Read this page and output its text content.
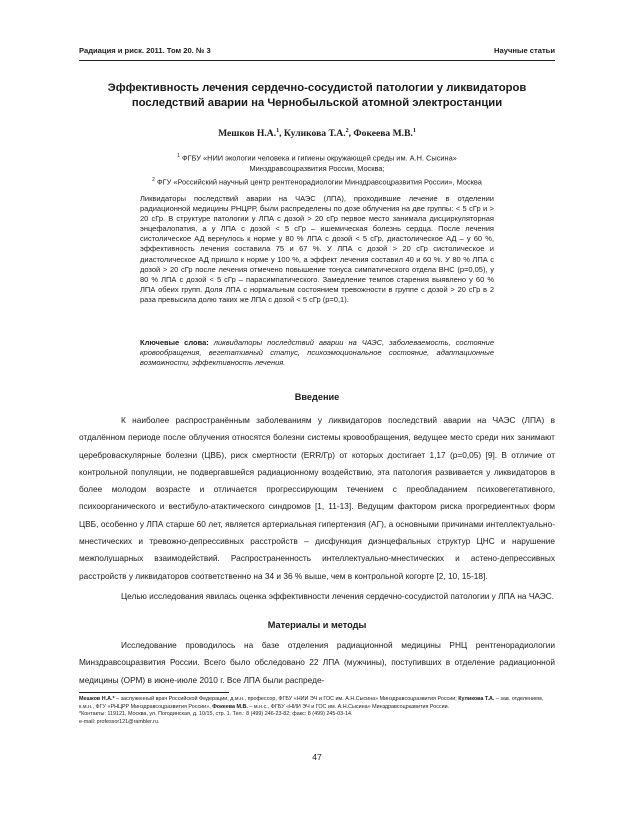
Радиация и риск. 2011. Том 20. № 3	Научные статьи
Эффективность лечения сердечно-сосудистой патологии у ликвидаторов последствий аварии на Чернобыльской атомной электростанции
Мешков Н.А.$^1$, Куликова Т.А.$^2$, Фокеева М.В.$^1$
$^1$ ФГБУ «НИИ экологии человека и гигиены окружающей среды им. А.Н. Сысина»
Минздравсоцразвития России, Москва;
$^2$ ФГУ «Российский научный центр рентгенорадиологии Минздравсоцразвития России», Москва
Ликвидаторы последствий аварии на ЧАЭС (ЛПА), проходившие лечение в отделении радиационной медицины РНЦРР, были распределены по дозе облучения на две группы: < 5 сГр и > 20 сГр. В структуре патологии у ЛПА с дозой > 20 сГр первое место занимала дисциркуляторная энцефалопатия, а у ЛПА с дозой < 5 сГр – ишемическая болезнь сердца. После лечения систолическое АД вернулось к норме у 80 % ЛПА с дозой < 5 сГр, диастолическое АД – у 60 %, эффективность лечения составила 75 и 67 %. У ЛПА с дозой > 20 сГр систолическое и диастолическое АД пришло к норме у 100 %, а эффект лечения составил 40 и 60 %. У 80 % ЛПА с дозой > 20 сГр после лечения отмечено повышение тонуса симпатического отдела ВНС (р=0,05), у 80 % ЛПА с дозой < 5 сГр – парасимпатического. Замедление темпов старения выявлено у 60 % ЛПА обеих групп. Доля ЛПА с нормальным состоянием тревожности в группе с дозой > 20 сГр в 2 раза превысила долю таких же ЛПА с дозой < 5 сГр (р=0,1).
Ключевые слова: ликвидаторы последствий аварии на ЧАЭС, заболеваемость, состояние кровообращения, вегетативный статус, психоэмоциональное состояние, адаптационные возможности, эффективность лечения.
Введение
К наиболее распространённым заболеваниям у ликвидаторов последствий аварии на ЧАЭС (ЛПА) в отдалённом периоде после облучения относятся болезни системы кровообращения, ведущее место среди них занимают цереброваскулярные болезни (ЦВБ), риск смертности (ERR/Гр) от которых достигает 1,17 (р=0,05) [9]. В отличие от контрольной популяции, не подвергавшейся радиационному воздействию, эта патология развивается у ликвидаторов в более молодом возрасте и отличается прогрессирующим течением с преобладанием психовегетативного, психоорганического и вестибуло-атактического синдромов [1, 11-13]. Ведущим фактором риска прогредиентных форм ЦВБ, особенно у ЛПА старше 60 лет, является артериальная гипертензия (АГ), а основными причинами интеллектуально-мнестических и тревожно-депрессивных расстройств – дисфункция диэнцефальных структур ЦНС и нарушение межполушарных взаимодействий. Распространенность интеллектуально-мнестических и астено-депрессивных расстройств у ликвидаторов соответственно на 34 и 36 % выше, чем в контрольной когорте [2, 10, 15-18].
Целью исследования явилась оценка эффективности лечения сердечно-сосудистой патологии у ЛПА на ЧАЭС.
Материалы и методы
Исследование проводилось на базе отделения радиационной медицины РНЦ рентгенорадиологии Минздравсоцразвития России. Всего было обследовано 22 ЛПА (мужчины), поступивших в отделение радиационной медицины (ОРМ) в июне-июле 2010 г. Все ЛПА были распреде-
Мешков Н.А.* – заслуженный врач Российской Федерации, д.м.н., профессор, ФГБУ «НИИ ЭЧ и ГОС им. А.Н.Сысина» Минздравсоцразвития России; Куликова Т.А. – зав. отделением, к.м.н., ФГУ «РНЦРР Минздравсоцразвития России», Фокеева М.В. – м.н.с., ФГБУ «НИИ ЭЧ и ГОС им. А.Н.Сысина» Минздравсоцразвития России.
*Контакты: 119121, Москва, ул. Погодинская, д. 10/15, стр. 1. Тел.: 8 (499) 246-23-82; факс: 8 (499) 245-03-14.
e-mail: professor121@rambler.ru.
47
